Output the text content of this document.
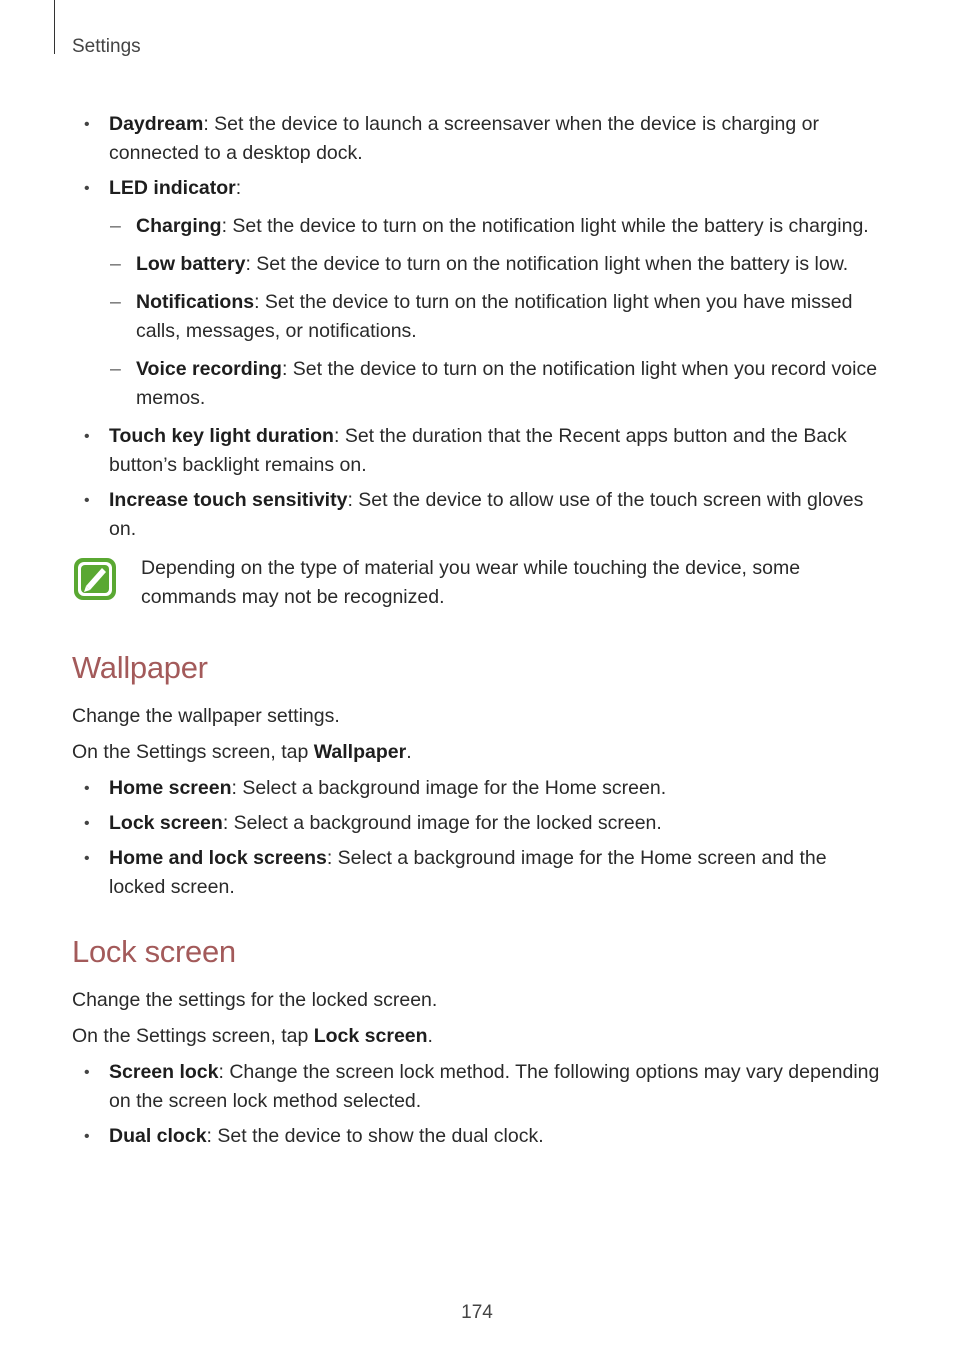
Settings
• Daydream: Set the device to launch a screensaver when the device is charging or connected to a desktop dock.
• LED indicator:
– Charging: Set the device to turn on the notification light while the battery is charging.
– Low battery: Set the device to turn on the notification light when the battery is low.
– Notifications: Set the device to turn on the notification light when you have missed calls, messages, or notifications.
– Voice recording: Set the device to turn on the notification light when you record voice memos.
• Touch key light duration: Set the duration that the Recent apps button and the Back button’s backlight remains on.
• Increase touch sensitivity: Set the device to allow use of the touch screen with gloves on.
Depending on the type of material you wear while touching the device, some commands may not be recognized.
Wallpaper
Change the wallpaper settings.
On the Settings screen, tap Wallpaper.
• Home screen: Select a background image for the Home screen.
• Lock screen: Select a background image for the locked screen.
• Home and lock screens: Select a background image for the Home screen and the locked screen.
Lock screen
Change the settings for the locked screen.
On the Settings screen, tap Lock screen.
• Screen lock: Change the screen lock method. The following options may vary depending on the screen lock method selected.
• Dual clock: Set the device to show the dual clock.
174
